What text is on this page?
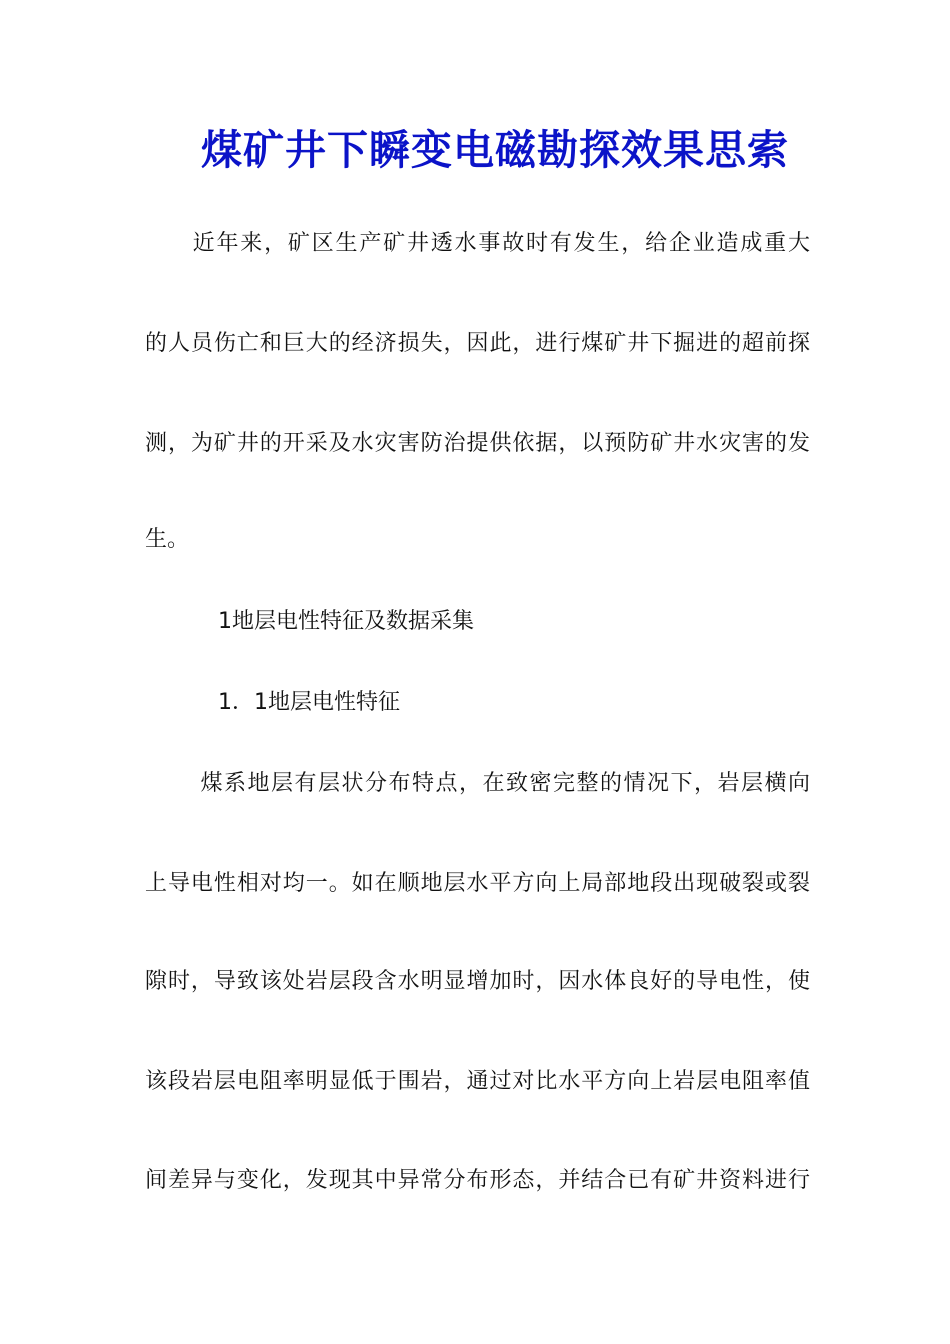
煤矿井下瞬变电磁勘探效果思索
　　近年来，矿区生产矿井透水事故时有发生，给企业造成重大
的人员伤亡和巨大的经济损失，因此，进行煤矿井下掘进的超前探
测，为矿井的开采及水灾害防治提供依据，以预防矿井水灾害的发
生。
1地层电性特征及数据采集
1．1地层电性特征
　　 煤系地层有层状分布特点，在致密完整的情况下，岩层横向
上导电性相对均一。如在顺地层水平方向上局部地段出现破裂或裂
隙时，导致该处岩层段含水明显增加时，因水体良好的导电性，使
该段岩层电阻率明显低于围岩，通过对比水平方向上岩层电阻率值
间差异与变化，发现其中异常分布形态，并结合已有矿井资料进行
